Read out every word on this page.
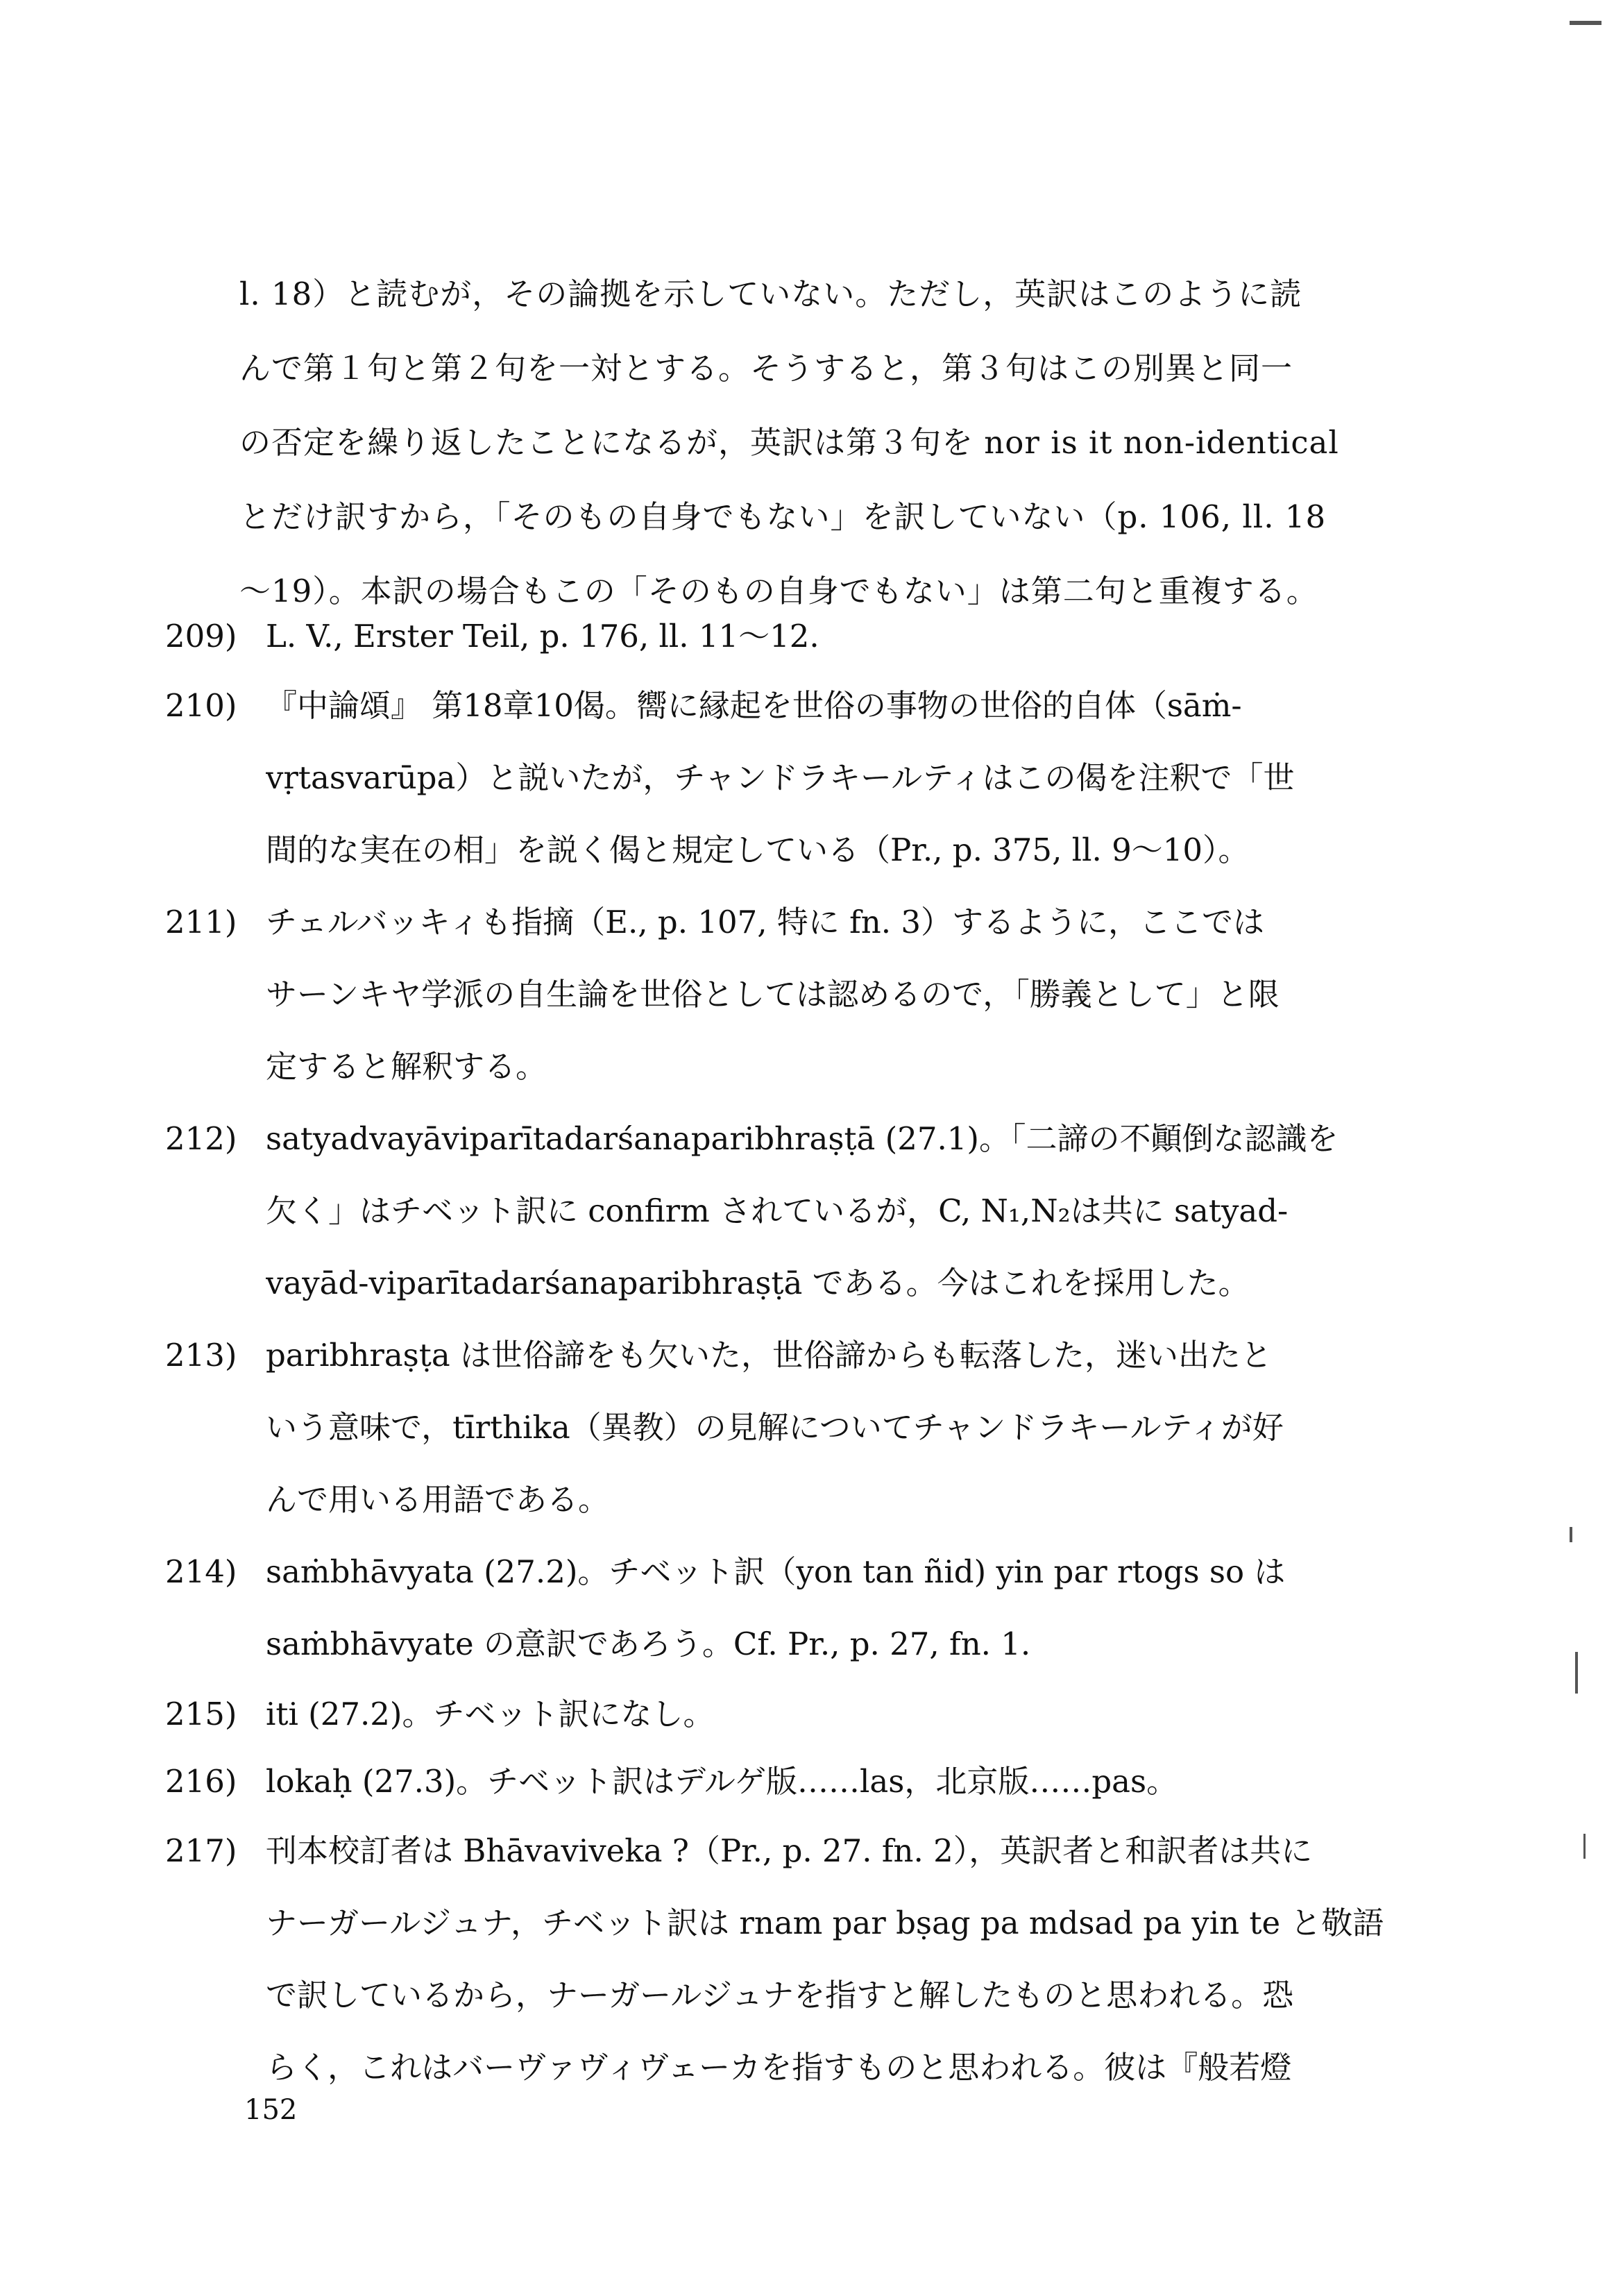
l. 18）と読むが，その論拠を示していない。ただし，英訳はこのように読
んで第１句と第２句を一対とする。そうすると，第３句はこの別異と同一
の否定を繰り返したことになるが，英訳は第３句を nor is it non-identical
とだけ訳すから，「そのもの自身でもない」を訳していない（p. 106, ll. 18
～19）。本訳の場合もこの「そのもの自身でもない」は第二句と重複する。
209) L. V., Erster Teil, p. 176, ll. 11～12.
210) 『中論頌』 第18章10偈。嚮に縁起を世俗の事物の世俗的自体（sāṁ-
vṛtasvarūpa）と説いたが，チャンドラキールティはこの偈を注釈で「世
間的な実在の相」を説く偈と規定している（Pr., p. 375, ll. 9～10）。
211) チェルバッキィも指摘（E., p. 107, 特に fn. 3）するように，ここでは
サーンキヤ学派の自生論を世俗としては認めるので，「勝義として」と限
定すると解釈する。
212) satyadvayāviparītadarśanaparibhraṣṭā (27.1)。「二諦の不顚倒な認識を
欠く」はチベット訳に confirm されているが，C, N₁,N₂は共に satyad-
vayād-viparītadarśanaparibhraṣṭā である。今はこれを採用した。
213) paribhraṣṭa は世俗諦をも欠いた，世俗諦からも転落した，迷い出たと
いう意味で，tīrthika（異教）の見解についてチャンドラキールティが好
んで用いる用語である。
214) saṁbhāvyata (27.2)。チベット訳（yon tan ñid) yin par rtogs so は
saṁbhāvyate の意訳であろう。Cf. Pr., p. 27, fn. 1.
215) iti (27.2)。チベット訳になし。
216) lokaḥ (27.3)。チベット訳はデルゲ版……las，北京版……pas。
217) 刊本校訂者は Bhāvaviveka ?（Pr., p. 27. fn. 2），英訳者と和訳者は共に
ナーガールジュナ，チベット訳は rnam par bṣag pa mdsad pa yin te と敬語
で訳しているから，ナーガールジュナを指すと解したものと思われる。恐
らく，これはバーヴァヴィヴェーカを指すものと思われる。彼は『般若燈
152
